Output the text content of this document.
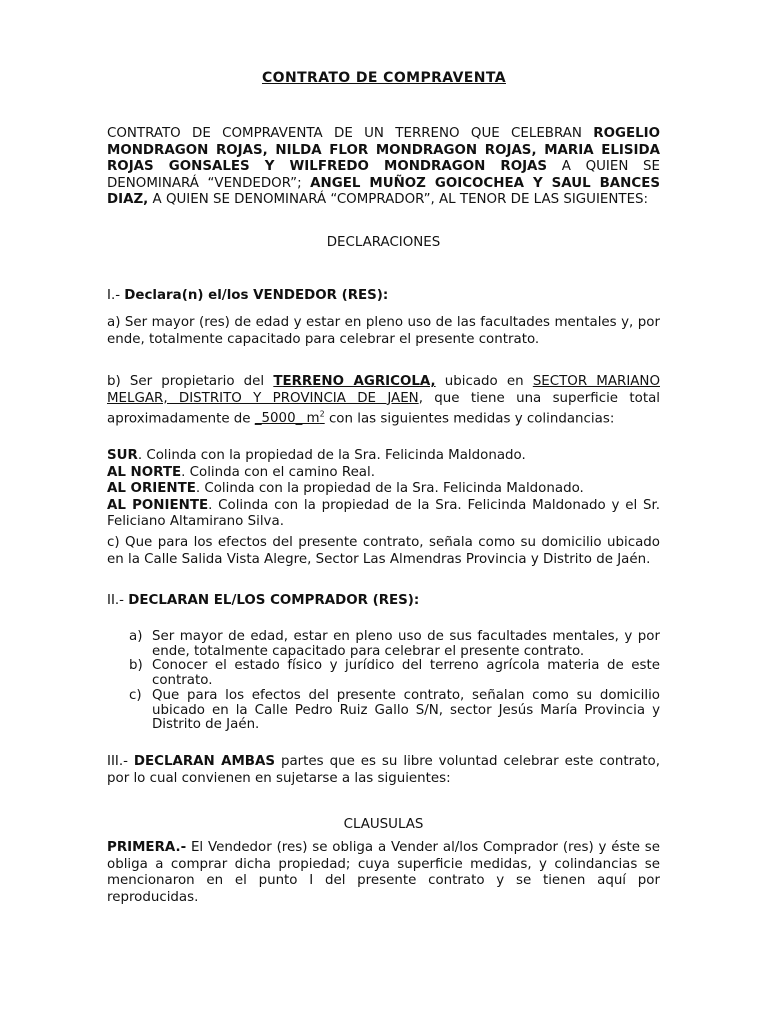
CONTRATO DE COMPRAVENTA

CONTRATO DE COMPRAVENTA DE UN TERRENO QUE CELEBRAN ROGELIO MONDRAGON ROJAS, NILDA FLOR MONDRAGON ROJAS, MARIA ELISIDA ROJAS GONSALES Y WILFREDO MONDRAGON ROJAS A QUIEN SE DENOMINARÁ “VENDEDOR”; ANGEL MUÑOZ GOICOCHEA Y SAUL BANCES DIAZ, A QUIEN SE DENOMINARÁ “COMPRADOR”, AL TENOR DE LAS SIGUIENTES:

DECLARACIONES

I.- Declara(n) el/los VENDEDOR (RES):

a) Ser mayor (res) de edad y estar en pleno uso de las facultades mentales y, por ende, totalmente capacitado para celebrar el presente contrato.

b) Ser propietario del TERRENO AGRICOLA, ubicado en SECTOR MARIANO MELGAR, DISTRITO Y PROVINCIA DE JAEN, que tiene una superficie total aproximadamente de _5000_ $m^2$ con las siguientes medidas y colindancias:

SUR. Colinda con la propiedad de la Sra. Felicinda Maldonado.

AL NORTE. Colinda con el camino Real.

AL ORIENTE. Colinda con la propiedad de la Sra. Felicinda Maldonado.

AL PONIENTE. Colinda con la propiedad de la Sra. Felicinda Maldonado y el Sr. Feliciano Altamirano Silva.

c) Que para los efectos del presente contrato, señala como su domicilio ubicado en la Calle Salida Vista Alegre, Sector Las Almendras Provincia y Distrito de Jaén.

II.- DECLARAN EL/LOS COMPRADOR (RES):

a) Ser mayor de edad, estar en pleno uso de sus facultades mentales, y por ende, totalmente capacitado para celebrar el presente contrato.
b) Conocer el estado físico y jurídico del terreno agrícola materia de este contrato.
c) Que para los efectos del presente contrato, señalan como su domicilio ubicado en la Calle Pedro Ruiz Gallo S/N, sector Jesús María Provincia y Distrito de Jaén.

III.- DECLARAN AMBAS partes que es su libre voluntad celebrar este contrato, por lo cual convienen en sujetarse a las siguientes:

CLAUSULAS

PRIMERA.- El Vendedor (res) se obliga a Vender al/los Comprador (res) y éste se obliga a comprar dicha propiedad; cuya superficie medidas, y colindancias se mencionaron en el punto I del presente contrato y se tienen aquí por reproducidas.
